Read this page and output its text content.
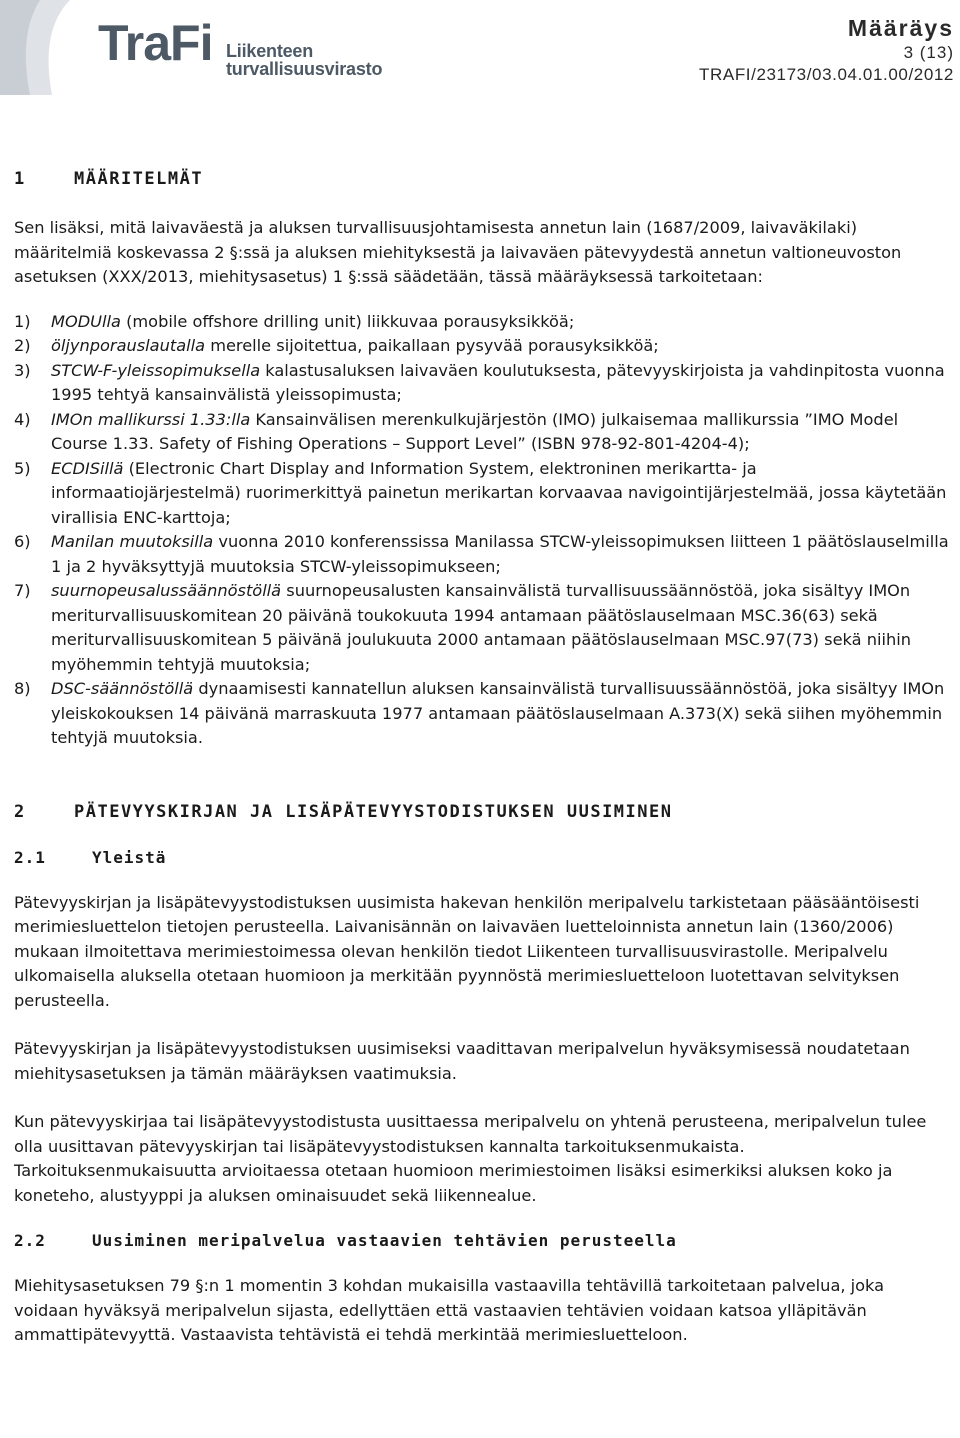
TraFi Liikenteen turvallisuusvirasto
Määräys
3 (13)
TRAFI/23173/03.04.01.00/2012
1	MÄÄRITELMÄT

Sen lisäksi, mitä laivaväestä ja aluksen turvallisuusjohtamisesta annetun lain (1687/2009, laivaväkilaki) määritelmiä koskevassa 2 §:ssä ja aluksen miehityksestä ja laivaväen pätevyydestä annetun valtioneuvoston asetuksen (XXX/2013, miehitysasetus) 1 §:ssä säädetään, tässä määräyksessä tarkoitetaan:

1) MODUlla (mobile offshore drilling unit) liikkuvaa porausyksikköä;
2) öljynporauslautalla merelle sijoitettua, paikallaan pysyvää porausyksikköä;
3) STCW-F-yleissopimuksella kalastusaluksen laivaväen koulutuksesta, pätevyyskirjoista ja vahdinpitosta vuonna 1995 tehtyä kansainvälistä yleissopimusta;
4) IMOn mallikurssi 1.33:lla Kansainvälisen merenkulkujärjestön (IMO) julkaisemaa mallikurssia ”IMO Model Course 1.33. Safety of Fishing Operations – Support Level” (ISBN 978-92-801-4204-4);
5) ECDISillä (Electronic Chart Display and Information System, elektroninen merikartta- ja informaatiojärjestelmä) ruorimerkittyä painetun merikartan korvaavaa navigointijärjestelmää, jossa käytetään virallisia ENC-karttoja;
6) Manilan muutoksilla vuonna 2010 konferenssissa Manilassa STCW-yleissopimuksen liitteen 1 päätöslauselmilla 1 ja 2 hyväksyttyjä muutoksia STCW-yleissopimukseen;
7) suurnopeusalussäännöstöllä suurnopeusalusten kansainvälistä turvallisuussäännöstöä, joka sisältyy IMOn meriturvallisuuskomitean 20 päivänä toukokuuta 1994 antamaan päätöslauselmaan MSC.36(63) sekä meriturvallisuuskomitean 5 päivänä joulukuuta 2000 antamaan päätöslauselmaan MSC.97(73) sekä niihin myöhemmin tehtyjä muutoksia;
8) DSC-säännöstöllä dynaamisesti kannatellun aluksen kansainvälistä turvallisuussäännöstöä, joka sisältyy IMOn yleiskokouksen 14 päivänä marraskuuta 1977 antamaan päätöslauselmaan A.373(X) sekä siihen myöhemmin tehtyjä muutoksia.
2	PÄTEVYYSKIRJAN JA LISÄPÄTEVYYSTODISTUKSEN UUSIMINEN
2.1	Yleistä

Pätevyyskirjan ja lisäpätevyystodistuksen uusimista hakevan henkilön meripalvelu tarkistetaan pääsääntöisesti merimiesluettelon tietojen perusteella. Laivanisännän on laivaväen luetteloinnista annetun lain (1360/2006) mukaan ilmoitettava merimiestoimessa olevan henkilön tiedot Liikenteen turvallisuusvirastolle. Meripalvelu ulkomaisella aluksella otetaan huomioon ja merkitään pyynnöstä merimiesluetteloon luotettavan selvityksen perusteella.

Pätevyyskirjan ja lisäpätevyystodistuksen uusimiseksi vaadittavan meripalvelun hyväksymisessä noudatetaan miehitysasetuksen ja tämän määräyksen vaatimuksia.

Kun pätevyyskirjaa tai lisäpätevyystodistusta uusittaessa meripalvelu on yhtenä perusteena, meripalvelun tulee olla uusittavan pätevyyskirjan tai lisäpätevyystodistuksen kannalta tarkoituksenmukaista. Tarkoituksenmukaisuutta arvioitaessa otetaan huomioon merimiestoimen lisäksi esimerkiksi aluksen koko ja koneteho, alustyyppi ja aluksen ominaisuudet sekä liikennealue.

2.2	Uusiminen meripalvelua vastaavien tehtävien perusteella

Miehitysasetuksen 79 §:n 1 momentin 3 kohdan mukaisilla vastaavilla tehtävillä tarkoitetaan palvelua, joka voidaan hyväksyä meripalvelun sijasta, edellyttäen että vastaavien tehtävien voidaan katsoa ylläpitävän ammattipätevyyttä. Vastaavista tehtävistä ei tehdä merkintää merimiesluetteloon.
